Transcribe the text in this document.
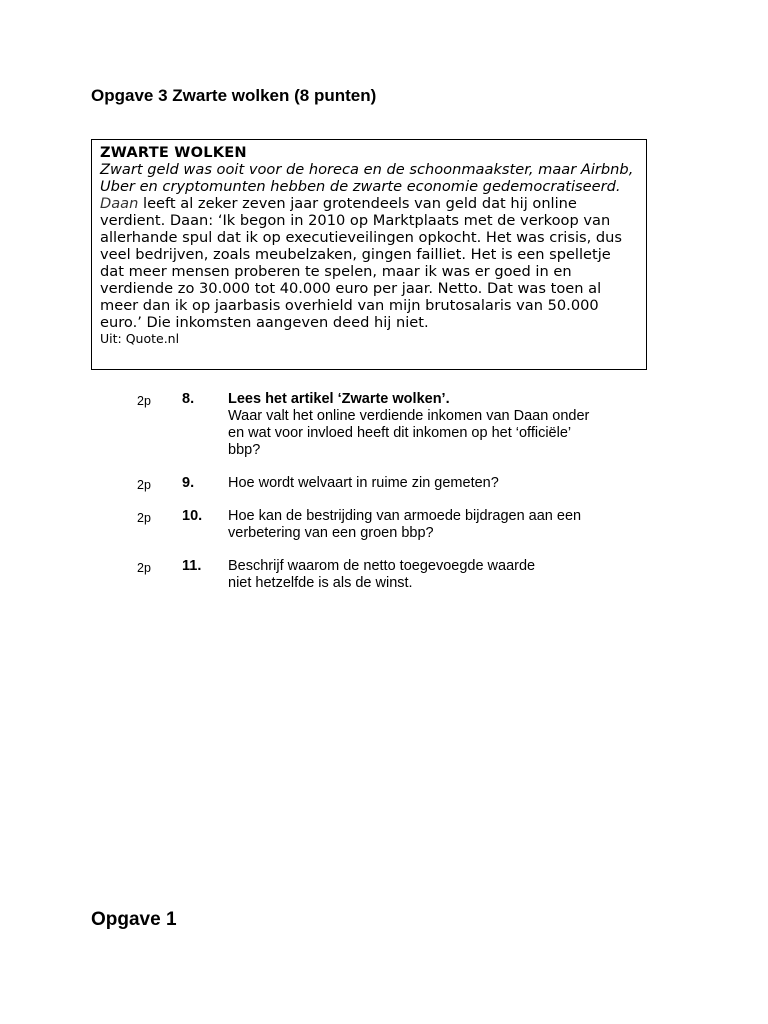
Opgave 3 Zwarte wolken (8 punten)

ZWARTE WOLKEN

Zwart geld was ooit voor de horeca en de schoonmaakster, maar Airbnb, Uber en cryptomunten hebben de zwarte economie gedemocratiseerd.

Daan leeft al zeker zeven jaar grotendeels van geld dat hij online verdient. Daan: ‘Ik begon in 2010 op Marktplaats met de verkoop van allerhande spul dat ik op executieveilingen opkocht. Het was crisis, dus veel bedrijven, zoals meubelzaken, gingen failliet. Het is een spelletje dat meer mensen proberen te spelen, maar ik was er goed in en verdiende zo 30.000 tot 40.000 euro per jaar. Netto. Dat was toen al meer dan ik op jaarbasis overhield van mijn brutosalaris van 50.000 euro.’ Die inkomsten aangeven deed hij niet.

Uit: Quote.nl

2p 8. Lees het artikel ‘Zwarte wolken’.
Waar valt het online verdiende inkomen van Daan onder
en wat voor invloed heeft dit inkomen op het ‘officiële’
bbp?

2p 9. Hoe wordt welvaart in ruime zin gemeten?

2p 10. Hoe kan de bestrijding van armoede bijdragen aan een
verbetering van een groen bbp?

2p 11. Beschrijf waarom de netto toegevoegde waarde
niet hetzelfde is als de winst.

Opgave 1
